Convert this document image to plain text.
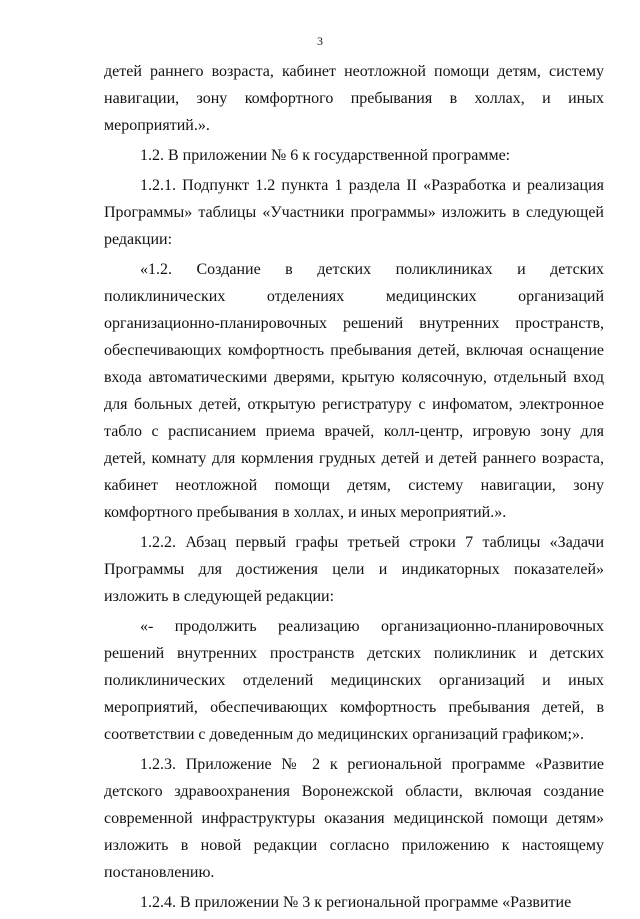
3

детей раннего возраста, кабинет неотложной помощи детям, систему навигации, зону комфортного пребывания в холлах, и иных мероприятий.».

1.2. В приложении № 6 к государственной программе:

1.2.1. Подпункт 1.2 пункта 1 раздела II «Разработка и реализация Программы» таблицы «Участники программы» изложить в следующей редакции:

«1.2. Создание в детских поликлиниках и детских поликлинических отделениях медицинских организаций организационно-планировочных решений внутренних пространств, обеспечивающих комфортность пребывания детей, включая оснащение входа автоматическими дверями, крытую колясочную, отдельный вход для больных детей, открытую регистратуру с инфоматом, электронное табло с расписанием приема врачей, колл-центр, игровую зону для детей, комнату для кормления грудных детей и детей раннего возраста, кабинет неотложной помощи детям, систему навигации, зону комфортного пребывания в холлах, и иных мероприятий.».

1.2.2. Абзац первый графы третьей строки 7 таблицы «Задачи Программы для достижения цели и индикаторных показателей» изложить в следующей редакции:

«- продолжить реализацию организационно-планировочных решений внутренних пространств детских поликлиник и детских поликлинических отделений медицинских организаций и иных мероприятий, обеспечивающих комфортность пребывания детей, в соответствии с доведенным до медицинских организаций графиком;».

1.2.3. Приложение № 2 к региональной программе «Развитие детского здравоохранения Воронежской области, включая создание современной инфраструктуры оказания медицинской помощи детям» изложить в новой редакции согласно приложению к настоящему постановлению.

1.2.4. В приложении № 3 к региональной программе «Развитие
